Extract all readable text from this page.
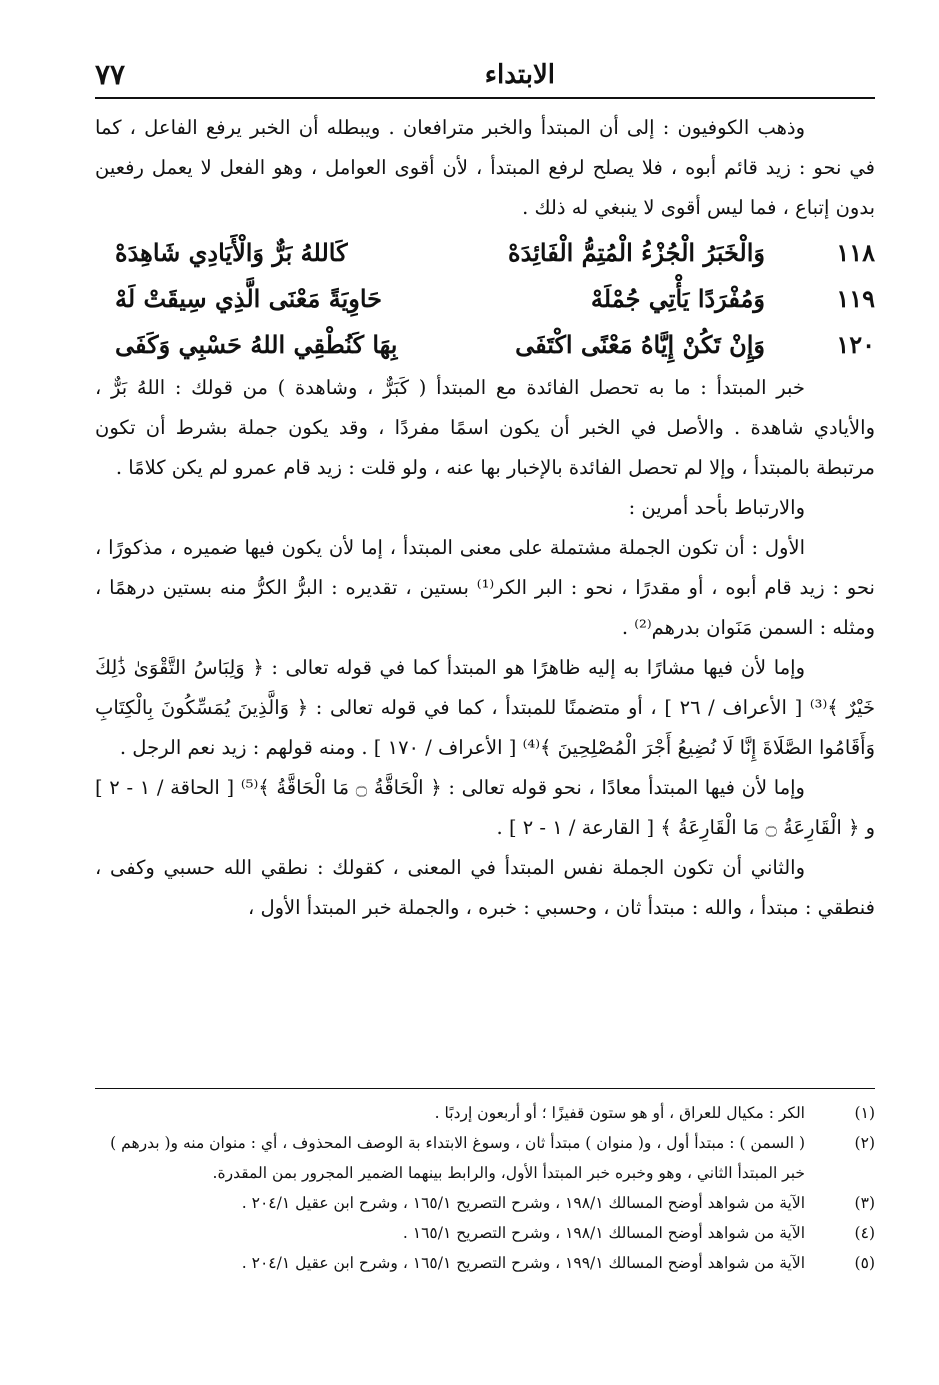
الابتداء
٧٧

وذهب الكوفيون : إلى أن المبتدأ والخبر مترافعان . ويبطله أن الخبر يرفع الفاعل ، كما في نحو : زيد قائم أبوه ، فلا يصلح لرفع المبتدأ ، لأن أقوى العوامل ، وهو الفعل لا يعمل رفعين بدون إتباع ، فما ليس أقوى لا ينبغي له ذلك .

١١٨
وَالْخَبَرُ الْجُزْءُ الْمُتِمُّ الْفَائِدَهْ
كَاللهُ بَرٌّ وَالْأَيَادِي شَاهِدَهْ
١١٩
وَمُفْرَدًا يَأْتِي جُمْلَهْ
حَاوِيَةً مَعْنَى الَّذِي سِيقَتْ لَهْ
١٢٠
وَإِنْ تَكُنْ إِيَّاهُ مَعْنًى اكْتَفَى
بِهَا كَنُطْقِي اللهُ حَسْبِي وَكَفَى

خبر المبتدأ : ما به تحصل الفائدة مع المبتدأ ( كَبَرٌّ ، وشاهدة ) من قولك : اللهُ بَرٌّ ، والأيادي شاهدة . والأصل في الخبر أن يكون اسمًا مفردًا ، وقد يكون جملة بشرط أن تكون مرتبطة بالمبتدأ ، وإلا لم تحصل الفائدة بالإخبار بها عنه ، ولو قلت : زيد قام عمرو لم يكن كلامًا .

والارتباط بأحد أمرين :

الأول : أن تكون الجملة مشتملة على معنى المبتدأ ، إما لأن يكون فيها ضميره ، مذكورًا ، نحو : زيد قام أبوه ، أو مقدرًا ، نحو : البر الكر⁽¹⁾ بستين ، تقديره : البرُّ الكرُّ منه بستين درهمًا ، ومثله : السمن مَنَوان بدرهم⁽²⁾ .

وإما لأن فيها مشارًا به إليه ظاهرًا هو المبتدأ كما في قوله تعالى : ﴿ وَلِبَاسُ التَّقْوَىٰ ذَٰلِكَ خَيْرٌ ﴾⁽³⁾ [ الأعراف / ٢٦ ] ، أو متضمنًا للمبتدأ ، كما في قوله تعالى : ﴿ وَالَّذِينَ يُمَسِّكُونَ بِالْكِتَابِ وَأَقَامُوا الصَّلَاةَ إِنَّا لَا نُضِيعُ أَجْرَ الْمُصْلِحِينَ ﴾⁽⁴⁾ [ الأعراف / ١٧٠ ] . ومنه قولهم : زيد نعم الرجل .

وإما لأن فيها المبتدأ معادًا ، نحو قوله تعالى : ﴿ الْحَاقَّةُ ۝ مَا الْحَاقَّةُ ﴾⁽⁵⁾ [ الحاقة / ١ - ٢ ] و ﴿ الْقَارِعَةُ ۝ مَا الْقَارِعَةُ ﴾ [ القارعة / ١ - ٢ ] .

والثاني أن تكون الجملة نفس المبتدأ في المعنى ، كقولك : نطقي الله حسبي وكفى ، فنطقي : مبتدأ ، والله : مبتدأ ثان ، وحسبي : خبره ، والجملة خبر المبتدأ الأول ،

(١)
الكر : مكيال للعراق ، أو هو ستون قفيزًا ؛ أو أربعون إردبًا .
(٢)
( السمن ) : مبتدأ أول ، و( منوان ) مبتدأ ثان ، وسوغ الابتداء بة الوصف المحذوف ، أي : منوان منه و( بدرهم ) خبر المبتدأ الثاني ، وهو وخبره خبر المبتدأ الأول، والرابط بينهما الضمير المجرور بمن المقدرة.
(٣)
الآية من شواهد أوضح المسالك ١٩٨/١ ، وشرح التصريح ١٦٥/١ ، وشرح ابن عقيل ٢٠٤/١ .
(٤)
الآية من شواهد أوضح المسالك ١٩٨/١ ، وشرح التصريح ١٦٥/١ .
(٥)
الآية من شواهد أوضح المسالك ١٩٩/١ ، وشرح التصريح ١٦٥/١ ، وشرح ابن عقيل ٢٠٤/١ .
